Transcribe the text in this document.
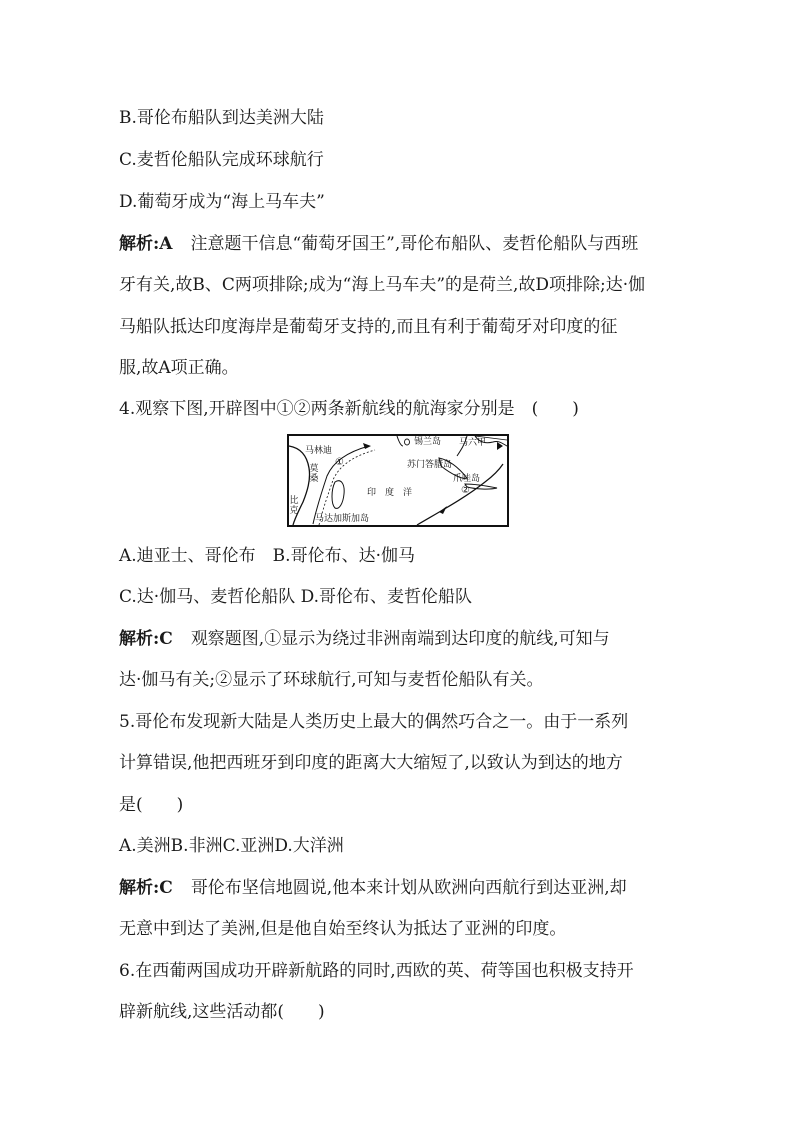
B.哥伦布船队到达美洲大陆
C.麦哲伦船队完成环球航行
D.葡萄牙成为“海上马车夫”
解析:A 注意题干信息“葡萄牙国王”,哥伦布船队、麦哲伦船队与西班
牙有关,故B、C两项排除;成为“海上马车夫”的是荷兰,故D项排除;达·伽
马船队抵达印度海岸是葡萄牙支持的,而且有利于葡萄牙对印度的征
服,故A项正确。
4.观察下图,开辟图中①②两条新航线的航海家分别是　(　　)
马林迪
莫桑
①
锡兰岛 马六甲
苏门答腊岛
爪哇岛
②
印　度　洋
比克
马达加斯加岛
A.迪亚士、哥伦布　B.哥伦布、达·伽马
C.达·伽马、麦哲伦船队 D.哥伦布、麦哲伦船队
解析:C 观察题图,①显示为绕过非洲南端到达印度的航线,可知与
达·伽马有关;②显示了环球航行,可知与麦哲伦船队有关。
5.哥伦布发现新大陆是人类历史上最大的偶然巧合之一。由于一系列
计算错误,他把西班牙到印度的距离大大缩短了,以致认为到达的地方
是(　　)
A.美洲B.非洲C.亚洲D.大洋洲
解析:C 哥伦布坚信地圆说,他本来计划从欧洲向西航行到达亚洲,却
无意中到达了美洲,但是他自始至终认为抵达了亚洲的印度。
6.在西葡两国成功开辟新航路的同时,西欧的英、荷等国也积极支持开
辟新航线,这些活动都(　　)
